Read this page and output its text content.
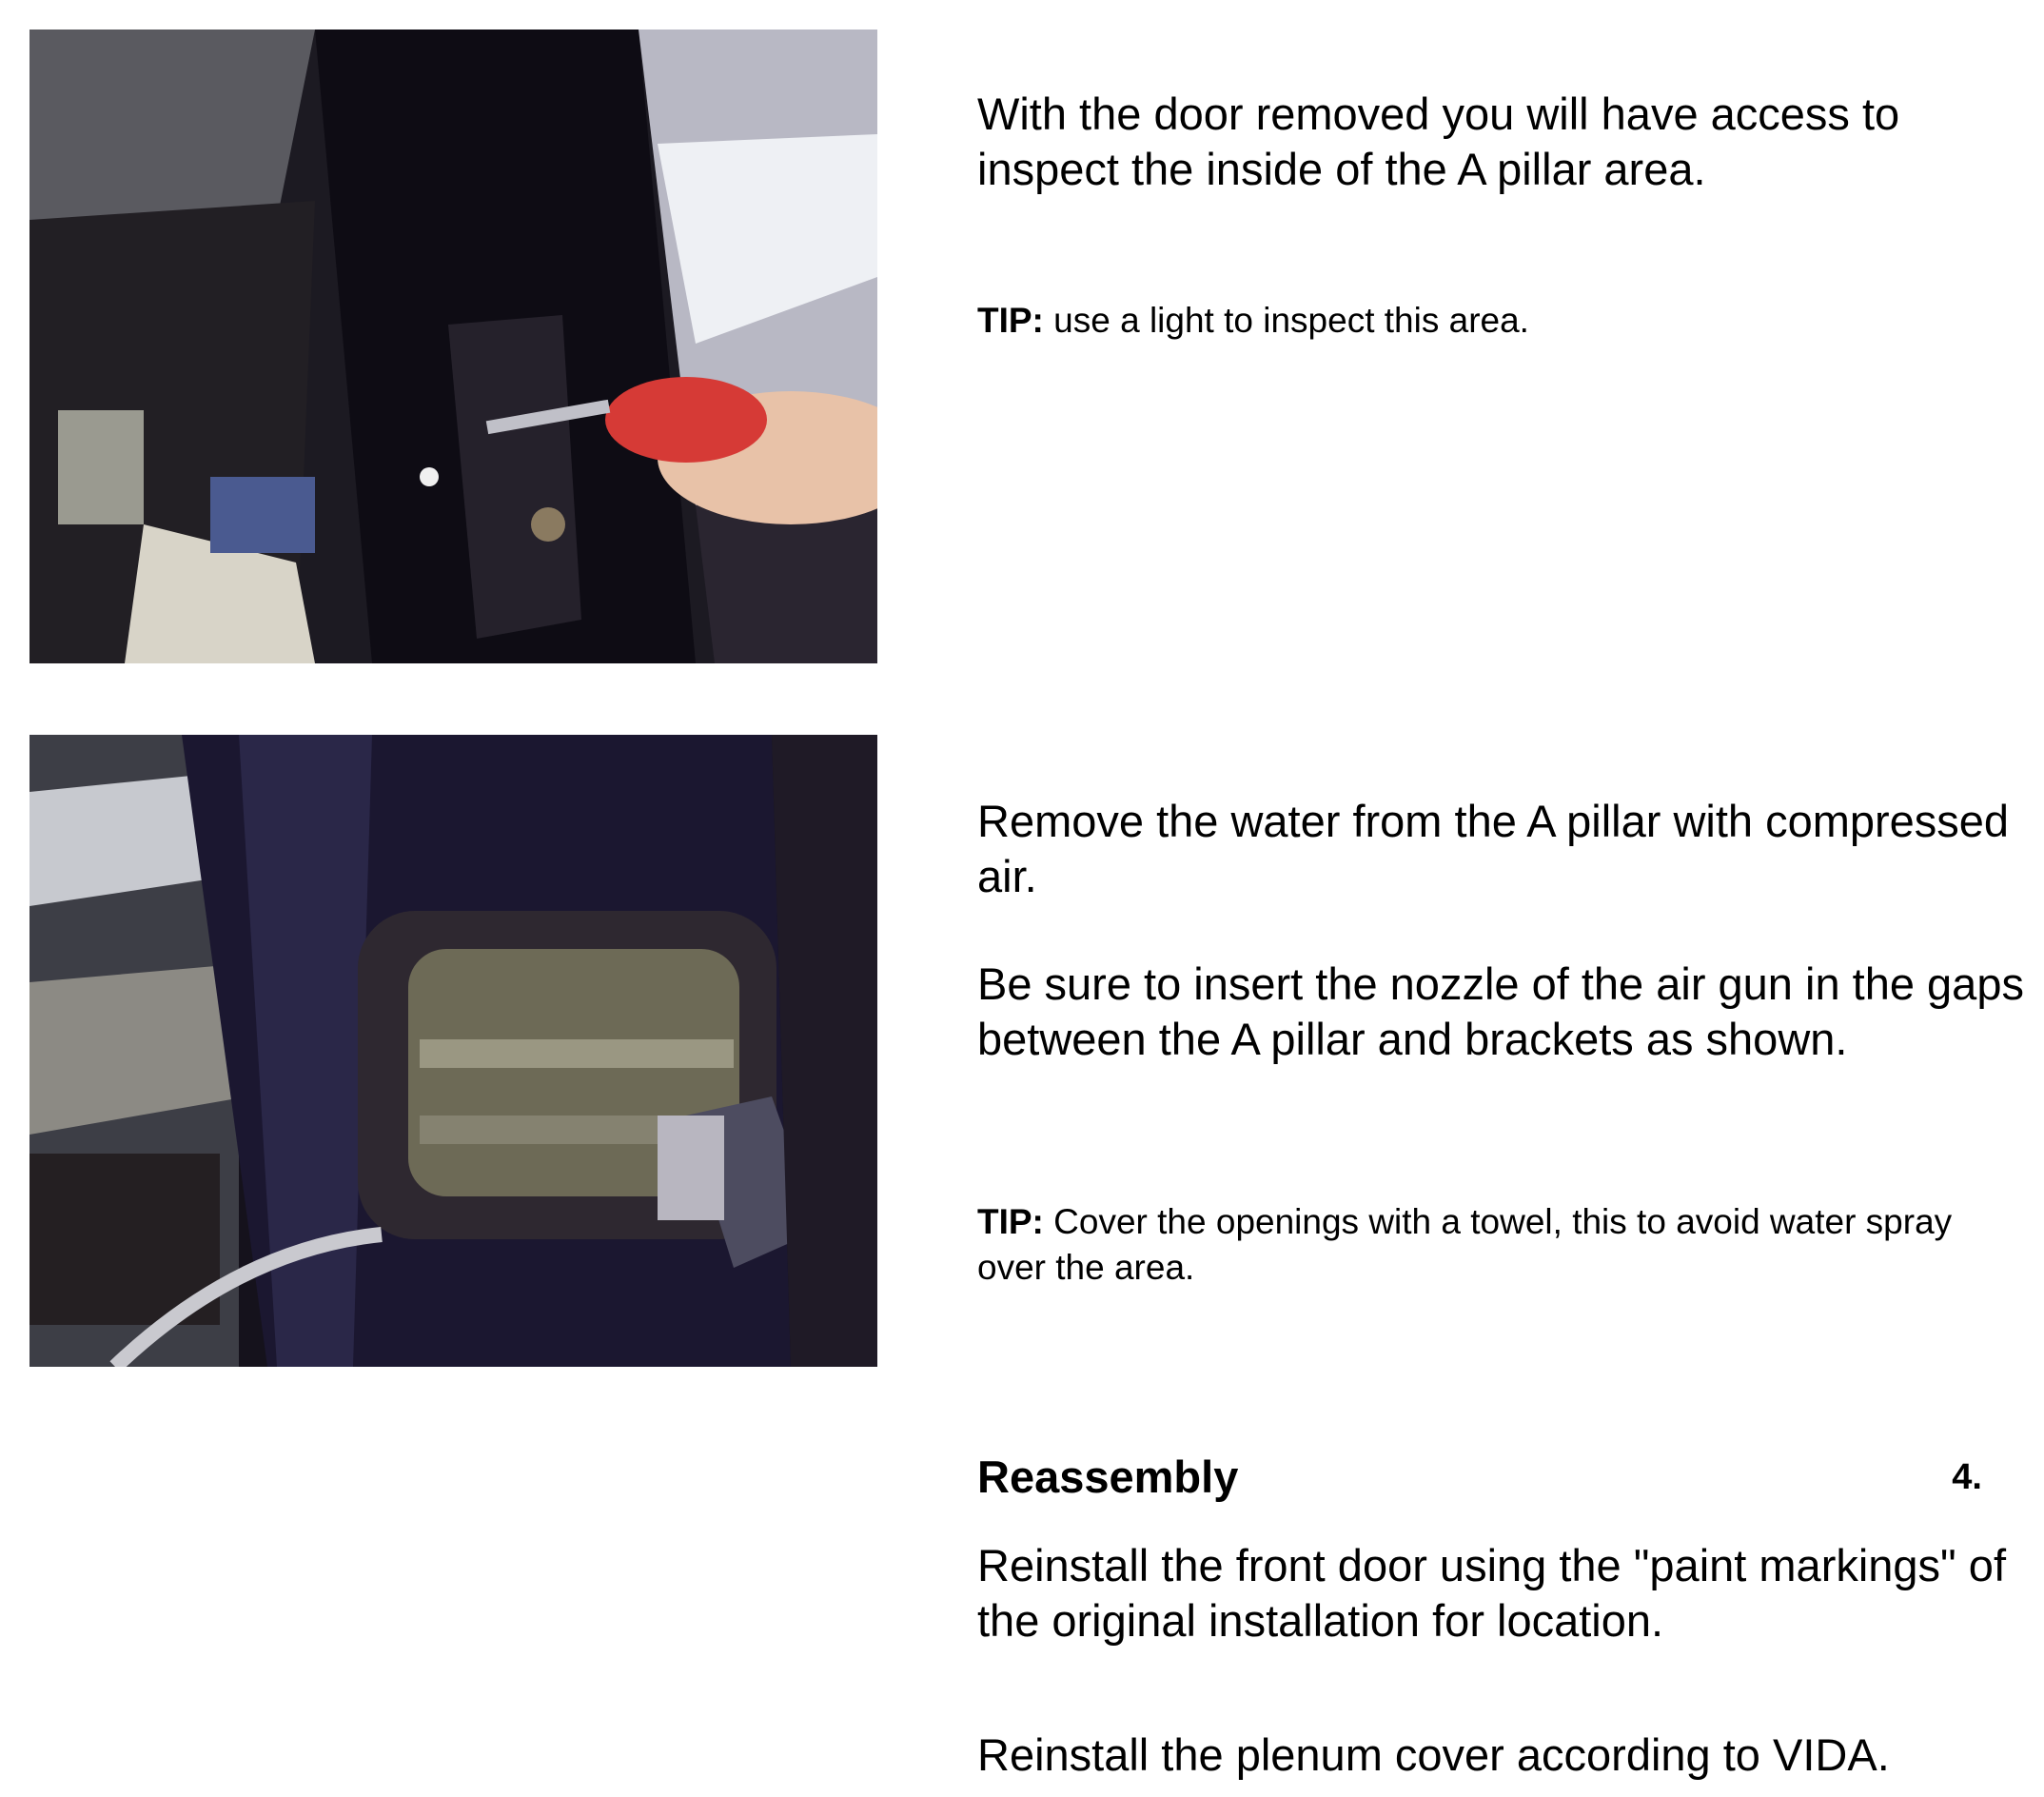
With the door removed you will have access to inspect the inside of the A pillar area.

TIP: use a light to inspect this area.

Remove the water from the A pillar with compressed air.

Be sure to insert the nozzle of the air gun in the gaps between the A pillar and brackets as shown.

TIP: Cover the openings with a towel, this to avoid water spray over the area.

Reassembly	4.

Reinstall the front door using the "paint markings" of the original installation for location.

Reinstall the plenum cover according to VIDA.
